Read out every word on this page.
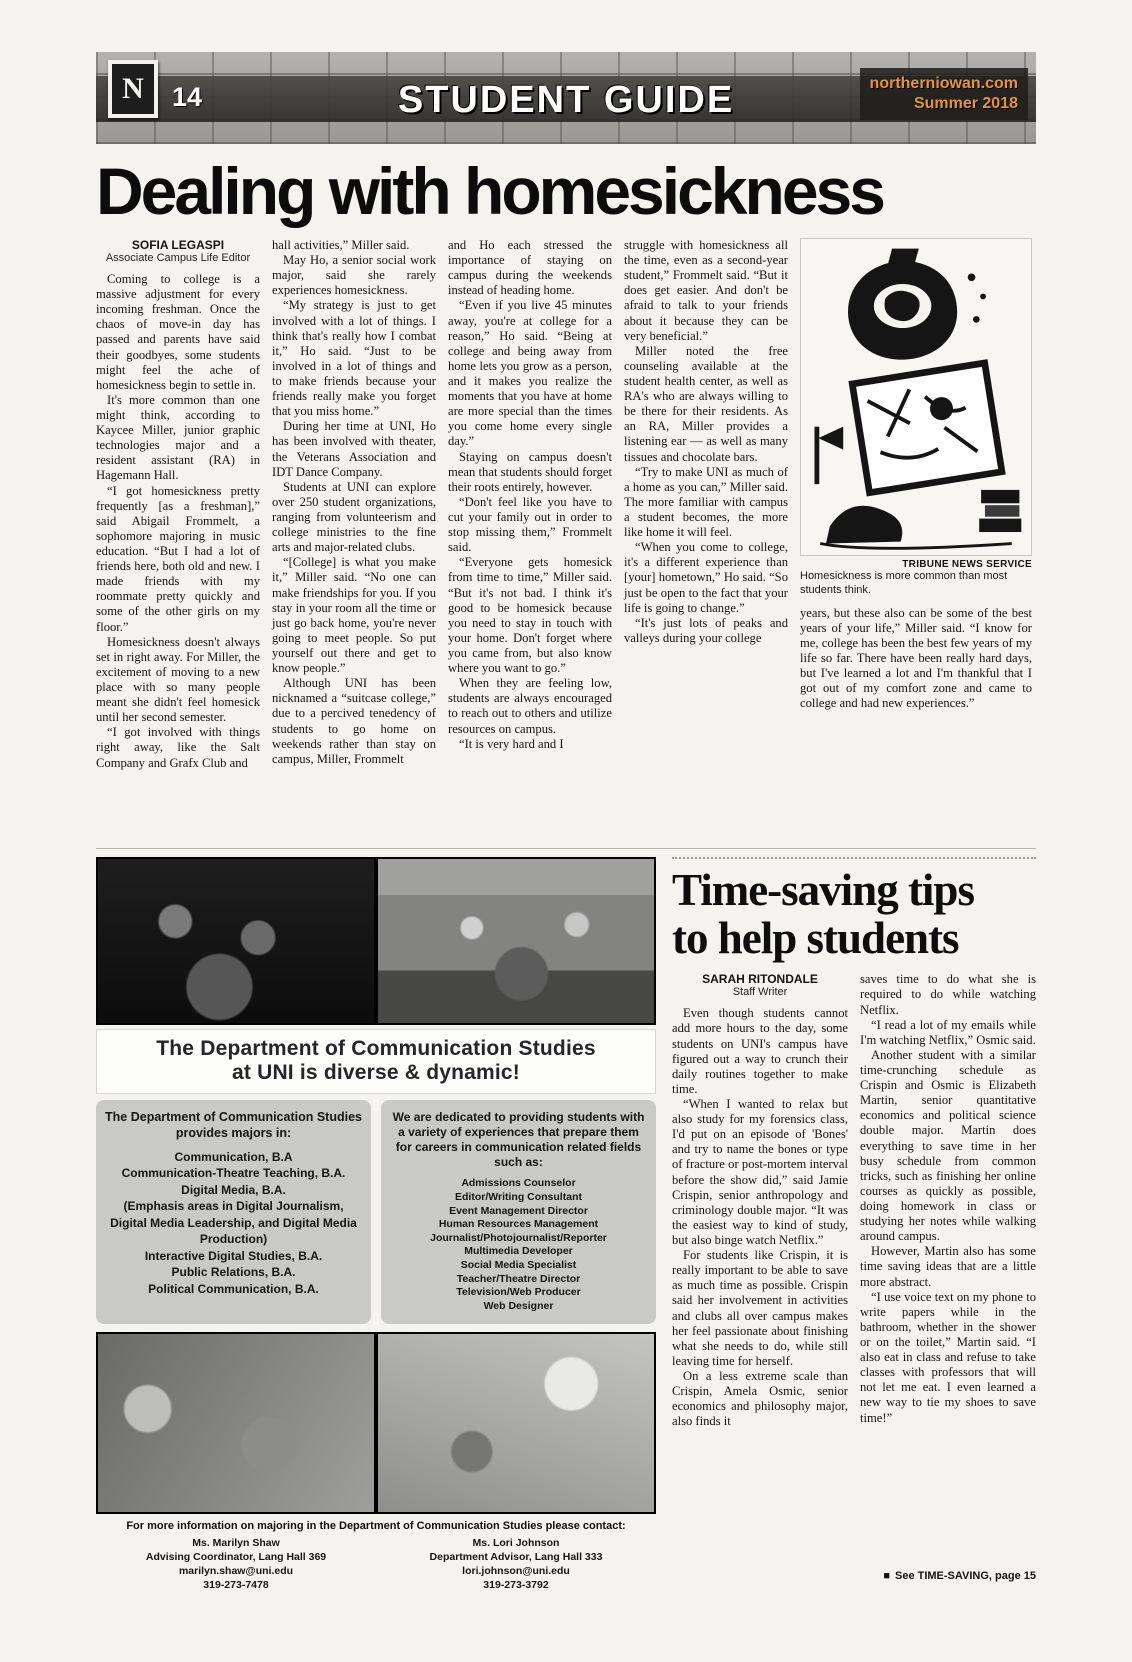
N 14	STUDENT GUIDE	northerniowan.com
Summer 2018
Dealing with homesickness
SOFIA LEGASPI
Associate Campus Life Editor

Coming to college is a massive adjustment for every incoming freshman. Once the chaos of move-in day has passed and parents have said their goodbyes, some students might feel the ache of homesickness begin to settle in.

It's more common than one might think, according to Kaycee Miller, junior graphic technologies major and a resident assistant (RA) in Hagemann Hall.

“I got homesickness pretty frequently [as a freshman],” said Abigail Frommelt, a sophomore majoring in music education. “But I had a lot of friends here, both old and new. I made friends with my roommate pretty quickly and some of the other girls on my floor.”

Homesickness doesn't always set in right away. For Miller, the excitement of moving to a new place with so many people meant she didn't feel homesick until her second semester.

“I got involved with things right away, like the Salt Company and Grafx Club and

hall activities,” Miller said.

May Ho, a senior social work major, said she rarely experiences homesickness.

“My strategy is just to get involved with a lot of things. I think that's really how I combat it,” Ho said. “Just to be involved in a lot of things and to make friends because your friends really make you forget that you miss home.”

During her time at UNI, Ho has been involved with theater, the Veterans Association and IDT Dance Company.

Students at UNI can explore over 250 student organizations, ranging from volunteerism and college ministries to the fine arts and major-related clubs.

“[College] is what you make it,” Miller said. “No one can make friendships for you. If you stay in your room all the time or just go back home, you're never going to meet people. So put yourself out there and get to know people.”

Although UNI has been nicknamed a “suitcase college,” due to a percived tenedency of students to go home on weekends rather than stay on campus, Miller, Frommelt

and Ho each stressed the importance of staying on campus during the weekends instead of heading home.

“Even if you live 45 minutes away, you're at college for a reason,” Ho said. “Being at college and being away from home lets you grow as a person, and it makes you realize the moments that you have at home are more special than the times you come home every single day.”

Staying on campus doesn't mean that students should forget their roots entirely, however.

“Don't feel like you have to cut your family out in order to stop missing them,” Frommelt said.

“Everyone gets homesick from time to time,” Miller said. “But it's not bad. I think it's good to be homesick because you need to stay in touch with your home. Don't forget where you came from, but also know where you want to go.”

When they are feeling low, students are always encouraged to reach out to others and utilize resources on campus.

“It is very hard and I

struggle with homesickness all the time, even as a second-year student,” Frommelt said. “But it does get easier. And don't be afraid to talk to your friends about it because they can be very beneficial.”

Miller noted the free counseling available at the student health center, as well as RA's who are always willing to be there for their residents. As an RA, Miller provides a listening ear — as well as many tissues and chocolate bars.

“Try to make UNI as much of a home as you can,” Miller said. The more familiar with campus a student becomes, the more like home it will feel.

“When you come to college, it's a different experience than [your] hometown,” Ho said. “So just be open to the fact that your life is going to change.”

“It's just lots of peaks and valleys during your college

TRIBUNE NEWS SERVICE
Homesickness is more common than most students think.

years, but these also can be some of the best years of your life,” Miller said. “I know for me, college has been the best few years of my life so far. There have been really hard days, but I've learned a lot and I'm thankful that I got out of my comfort zone and came to college and had new experiences.”

The Department of Communication Studies
at UNI is diverse & dynamic!
The Department of Communication Studies provides majors in:
Communication, B.A
Communication-Theatre Teaching, B.A.
Digital Media, B.A.
(Emphasis areas in Digital Journalism, Digital Media Leadership, and Digital Media Production)
Interactive Digital Studies, B.A.
Public Relations, B.A.
Political Communication, B.A.
We are dedicated to providing students with a variety of experiences that prepare them for careers in communication related fields such as:
Admissions Counselor
Editor/Writing Consultant
Event Management Director
Human Resources Management
Journalist/Photojournalist/Reporter
Multimedia Developer
Social Media Specialist
Teacher/Theatre Director
Television/Web Producer
Web Designer
For more information on majoring in the Department of Communication Studies please contact:
Ms. Marilyn Shaw
Advising Coordinator, Lang Hall 369
marilyn.shaw@uni.edu
319-273-7478
Ms. Lori Johnson
Department Advisor, Lang Hall 333
lori.johnson@uni.edu
319-273-3792
Time-saving tips
to help students
SARAH RITONDALE
Staff Writer

Even though students cannot add more hours to the day, some students on UNI's campus have figured out a way to crunch their daily routines together to make time.

“When I wanted to relax but also study for my forensics class, I'd put on an episode of 'Bones' and try to name the bones or type of fracture or post-mortem interval before the show did,” said Jamie Crispin, senior anthropology and criminology double major. “It was the easiest way to kind of study, but also binge watch Netflix.”

For students like Crispin, it is really important to be able to save as much time as possible. Crispin said her involvement in activities and clubs all over campus makes her feel passionate about finishing what she needs to do, while still leaving time for herself.

On a less extreme scale than Crispin, Amela Osmic, senior economics and philosophy major, also finds it

saves time to do what she is required to do while watching Netflix.

“I read a lot of my emails while I'm watching Netflix,” Osmic said.

Another student with a similar time-crunching schedule as Crispin and Osmic is Elizabeth Martin, senior quantitative economics and political science double major. Martin does everything to save time in her busy schedule from common tricks, such as finishing her online courses as quickly as possible, doing homework in class or studying her notes while walking around campus.

However, Martin also has some time saving ideas that are a little more abstract.

“I use voice text on my phone to write papers while in the bathroom, whether in the shower or on the toilet,” Martin said. “I also eat in class and refuse to take classes with professors that will not let me eat. I even learned a new way to tie my shoes to save time!”

■ See TIME-SAVING, page 15
